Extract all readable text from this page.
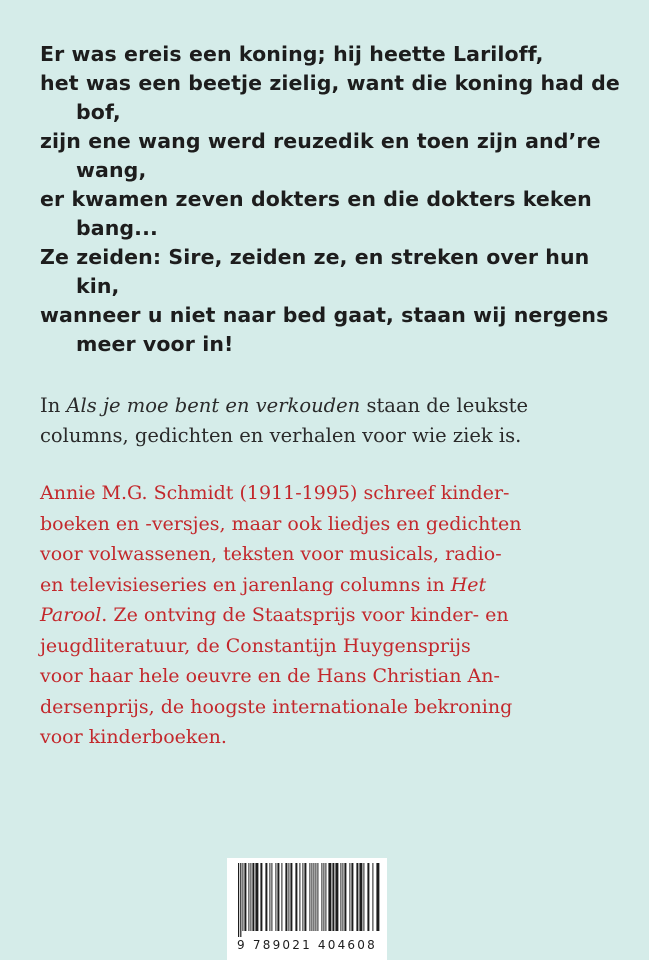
Er was ereis een koning; hij heette Lariloff,
het was een beetje zielig, want die koning had de bof,
zijn ene wang werd reuzedik en toen zijn and’re wang,
er kwamen zeven dokters en die dokters keken bang...
Ze zeiden: Sire, zeiden ze, en streken over hun kin,
wanneer u niet naar bed gaat, staan wij nergens meer voor in!
In Als je moe bent en verkouden staan de leukste
columns, gedichten en verhalen voor wie ziek is.
Annie M.G. Schmidt (1911-1995) schreef kinder-
boeken en -versjes, maar ook liedjes en gedichten
voor volwassenen, teksten voor musicals, radio-
en televisieseries en jarenlang columns in Het
Parool. Ze ontving de Staatsprijs voor kinder- en
jeugdliteratuur, de Constantijn Huygensprijs
voor haar hele oeuvre en de Hans Christian An-
dersenprijs, de hoogste internationale bekroning
voor kinderboeken.
9 789021 404608
